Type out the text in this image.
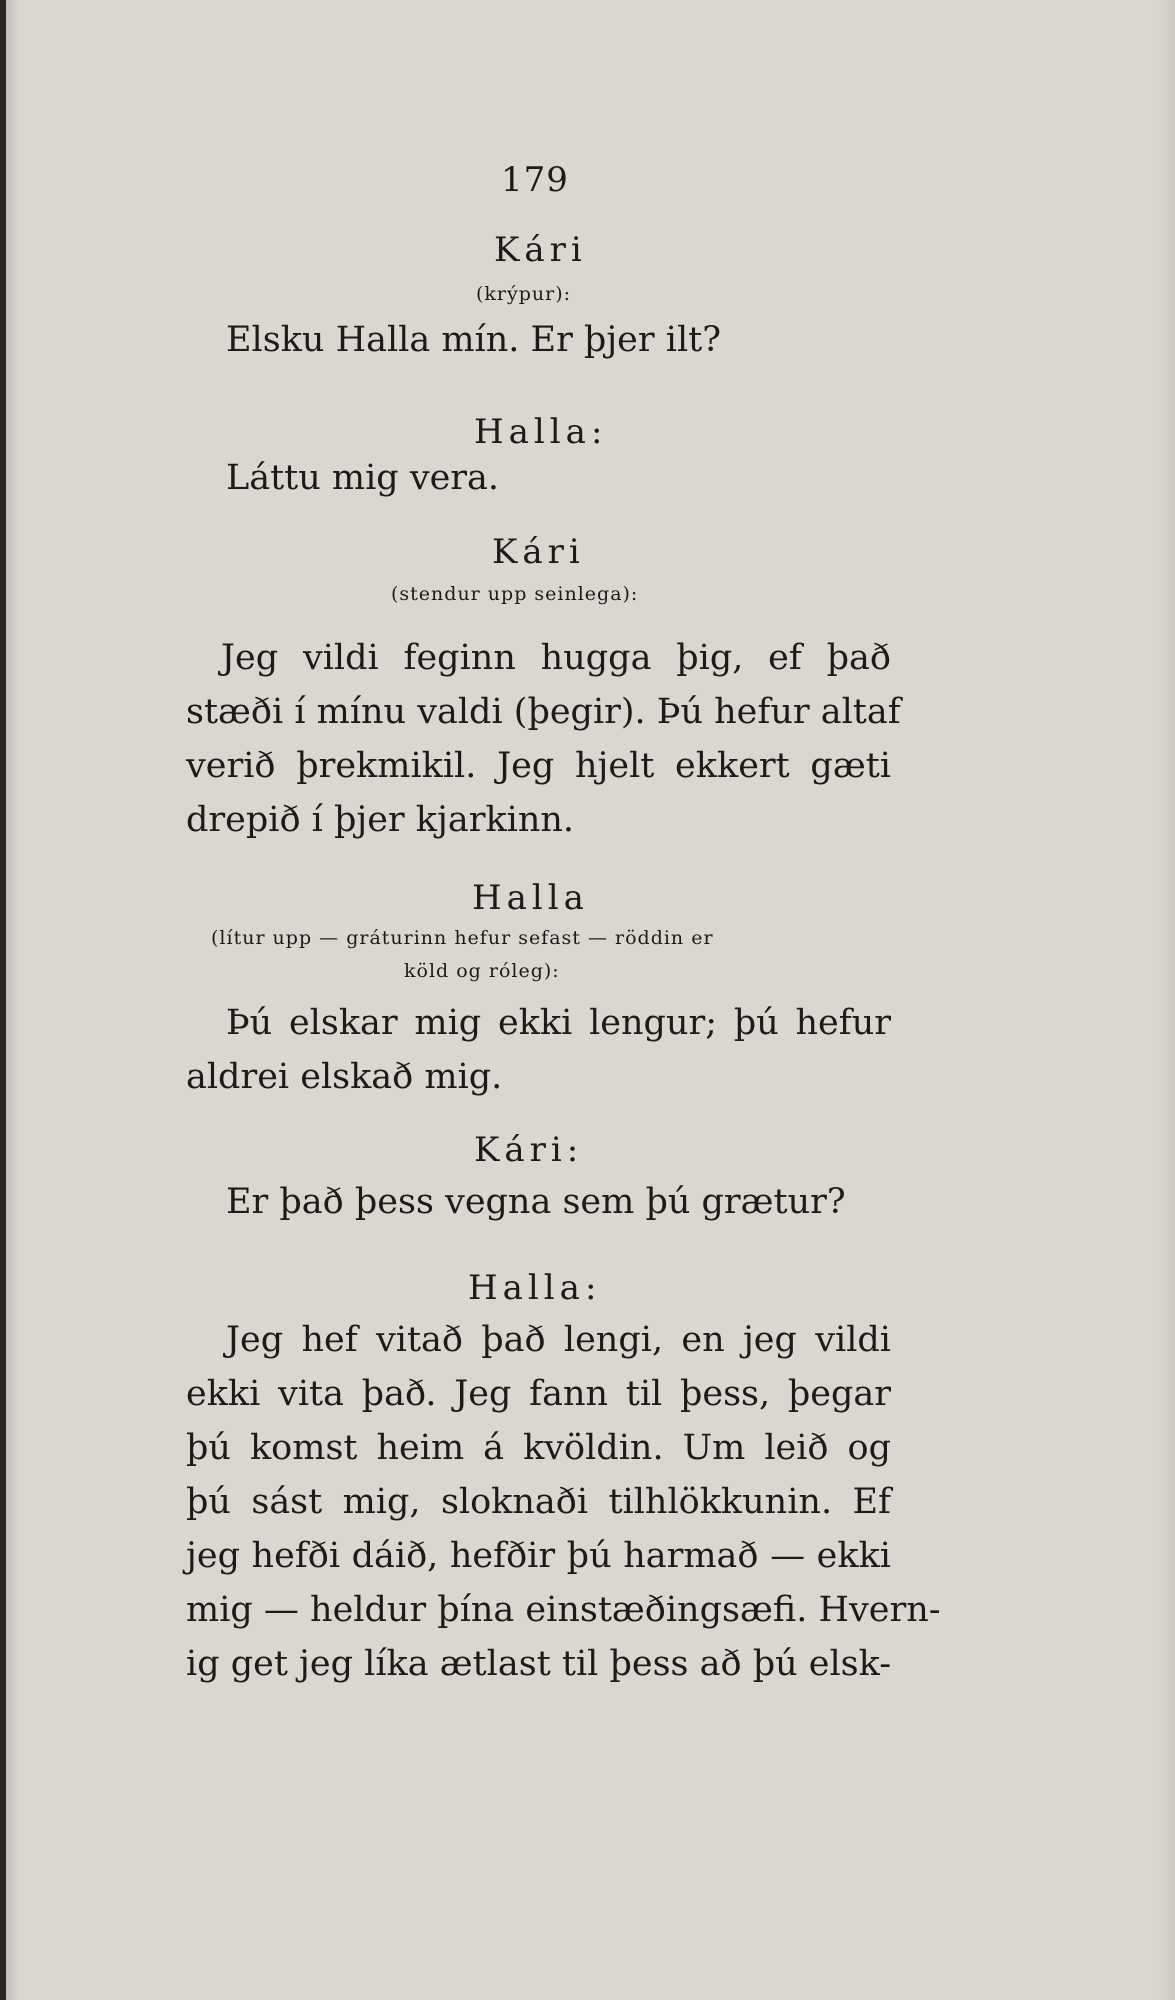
179
Kári
(krýpur):
Elsku Halla mín. Er þjer ilt?
Halla:
Láttu mig vera.
Kári
(stendur upp seinlega):
Jeg vildi feginn hugga þig, ef það
stæði í mínu valdi (þegir). Þú hefur altaf
verið þrekmikil. Jeg hjelt ekkert gæti
drepið í þjer kjarkinn.
Halla
(lítur upp — gráturinn hefur sefast — röddin er
köld og róleg):
Þú elskar mig ekki lengur; þú hefur
aldrei elskað mig.
Kári:
Er það þess vegna sem þú grætur?
Halla:
Jeg hef vitað það lengi, en jeg vildi
ekki vita það. Jeg fann til þess, þegar
þú komst heim á kvöldin. Um leið og
þú sást mig, sloknaði tilhlökkunin. Ef
jeg hefði dáið, hefðir þú harmað — ekki
mig — heldur þína einstæðingsæfi. Hvern-
ig get jeg líka ætlast til þess að þú elsk-
